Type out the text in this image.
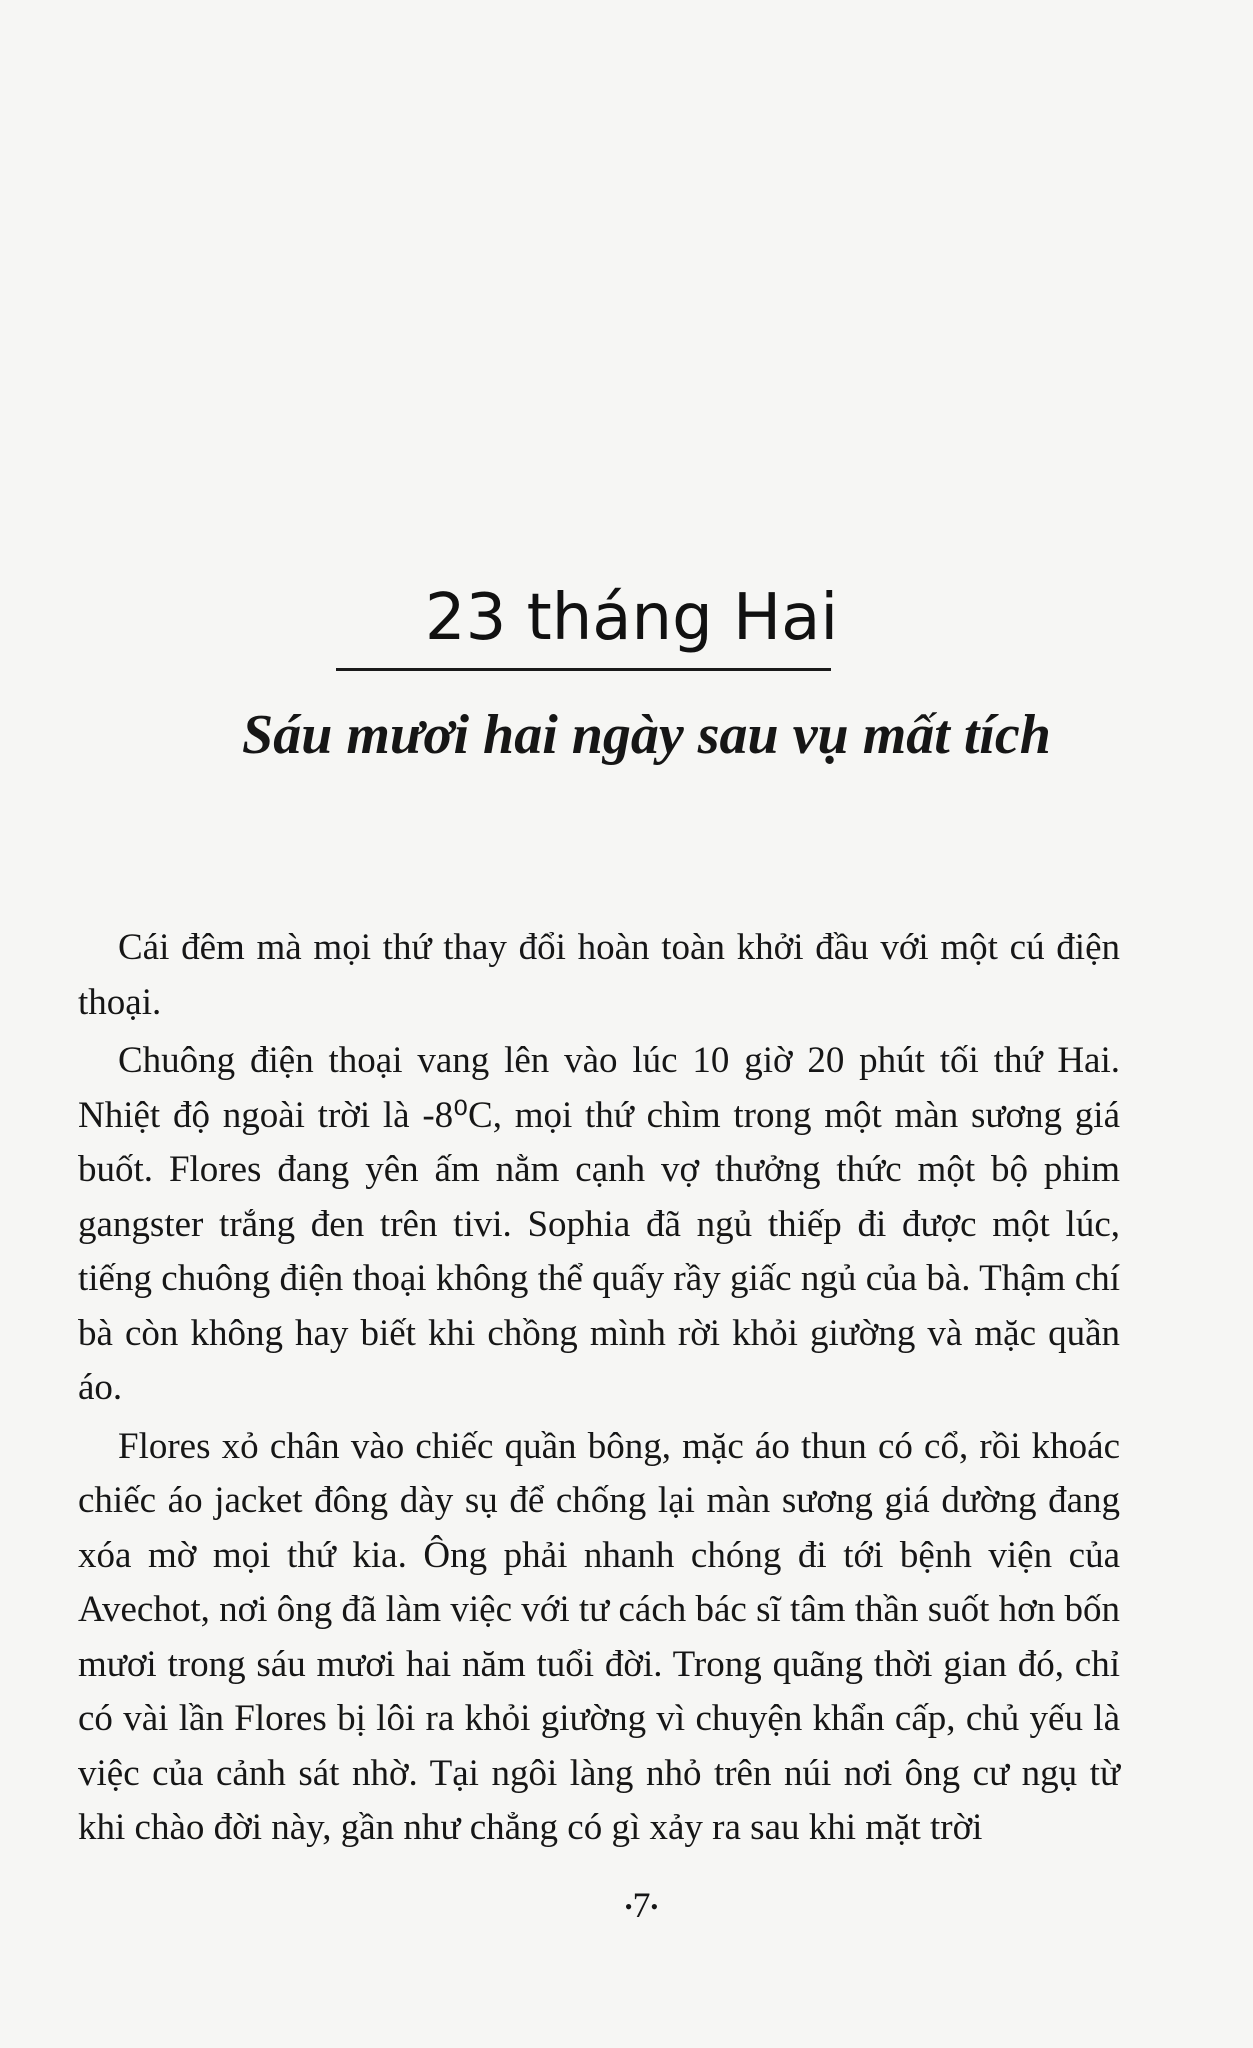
23 tháng Hai
Sáu mươi hai ngày sau vụ mất tích

Cái đêm mà mọi thứ thay đổi hoàn toàn khởi đầu với một cú điện thoại.

Chuông điện thoại vang lên vào lúc 10 giờ 20 phút tối thứ Hai. Nhiệt độ ngoài trời là -8⁰C, mọi thứ chìm trong một màn sương giá buốt. Flores đang yên ấm nằm cạnh vợ thưởng thức một bộ phim gangster trắng đen trên tivi. Sophia đã ngủ thiếp đi được một lúc, tiếng chuông điện thoại không thể quấy rầy giấc ngủ của bà. Thậm chí bà còn không hay biết khi chồng mình rời khỏi giường và mặc quần áo.

Flores xỏ chân vào chiếc quần bông, mặc áo thun có cổ, rồi khoác chiếc áo jacket đông dày sụ để chống lại màn sương giá dường đang xóa mờ mọi thứ kia. Ông phải nhanh chóng đi tới bệnh viện của Avechot, nơi ông đã làm việc với tư cách bác sĩ tâm thần suốt hơn bốn mươi trong sáu mươi hai năm tuổi đời. Trong quãng thời gian đó, chỉ có vài lần Flores bị lôi ra khỏi giường vì chuyện khẩn cấp, chủ yếu là việc của cảnh sát nhờ. Tại ngôi làng nhỏ trên núi nơi ông cư ngụ từ khi chào đời này, gần như chẳng có gì xảy ra sau khi mặt trời

•7•
